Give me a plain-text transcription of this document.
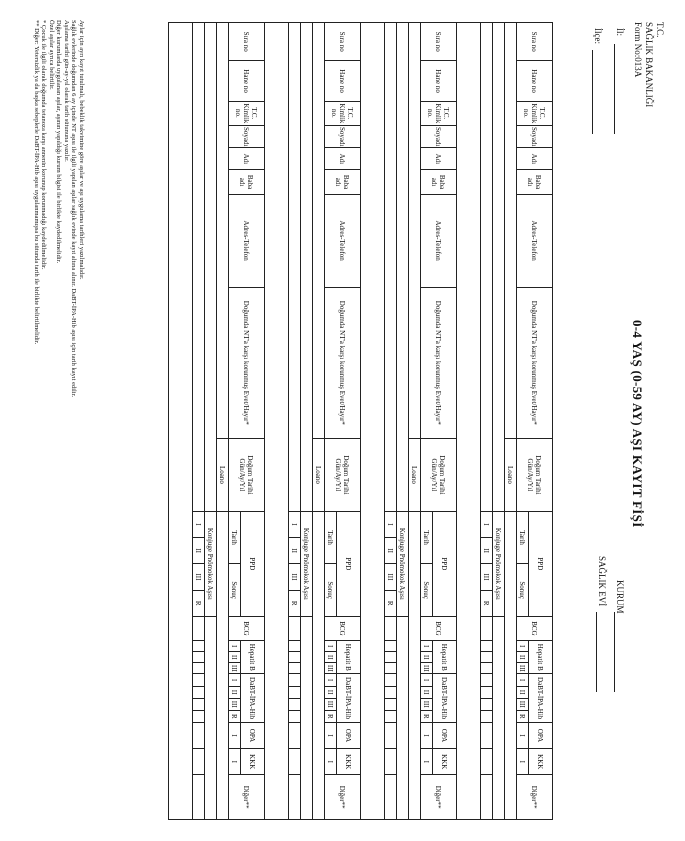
T.C.
SAĞLIK BAKANLIĞI
Form No:013A
İl:
İlçe:
0-4 YAŞ (0-59 AY) AŞI KAYIT FİŞİ
KURUM
SAĞLIK EVİ
Sıra no	Hane no	T.C. Kimlik no.	Soyadı	Adı	Baba adı	Adres-Telefon	Doğumda NT'a karşı korunmuş Evet/Hayır*	Doğum Tarihi Gün/Ay/Yıl	PPD				BCG	Hepatit B			DaBT-İPA-Hib				OPA	KKK	Diğer**
									Tarih		Sonuç			I	II	III	I	II	III	R	I	I	
								Loano															
									Konjuge Pnömokok Aşısı														
									I	II	III	R											

Sıra no	Hane no	T.C. Kimlik no.	Soyadı	Adı	Baba adı	Adres-Telefon	Doğumda NT'a karşı korunmuş Evet/Hayır*	Doğum Tarihi Gün/Ay/Yıl	PPD				BCG	Hepatit B			DaBT-İPA-Hib				OPA	KKK	Diğer**
									Tarih		Sonuç			I	II	III	I	II	III	R	I	I	
								Loano															
									Konjuge Pnömokok Aşısı														
									I	II	III	R											

Sıra no	Hane no	T.C. Kimlik no.	Soyadı	Adı	Baba adı	Adres-Telefon	Doğumda NT'a karşı korunmuş Evet/Hayır*	Doğum Tarihi Gün/Ay/Yıl	PPD				BCG	Hepatit B			DaBT-İPA-Hib				OPA	KKK	Diğer**
									Tarih		Sonuç			I	II	III	I	II	III	R	I	I	
								Loano															
									Konjuge Pnömokok Aşısı														
									I	II	III	R											

Sıra no	Hane no	T.C. Kimlik no.	Soyadı	Adı	Baba adı	Adres-Telefon	Doğumda NT'a karşı korunmuş Evet/Hayır*	Doğum Tarihi Gün/Ay/Yıl	PPD				BCG	Hepatit B			DaBT-İPA-Hib				OPA	KKK	Diğer**
									Tarih		Sonuç			I	II	III	I	II	III	R	I	I	
								Loano															
									Konjuge Pnömokok Aşısı														
									I	II	III	R											

Aylar için ayrı kayıt tutulmalı, bebeklik takvimine göre aşılar ve aşı uygulama tarihleri yazılmalıdır.
Sağlık evlerinde doğumdan 6 ay içinde NT aşısı ile ilgili yapılan aşılar sağlık evinde kayıt altına alınır. DaBT-İPA-Hib aşısı için tarih kayıt edilir.
Aşılama tarihi gün-ay-yıl olarak tarih sütununa yazılır.
Diğer kurumlarda uygulanan aşılar, aşının yapıldığı kurum bilgisi ile birlikte kaydedilmelidir.
Özel aşılar ayrıca belirtilir.
* Çocuk ile ilgili olarak doğumda tetanoza karşı annenin korunup korunmadığı kaydedilmelidir.
** Diğer: Yetersizlik ya da başka sebeplerle DaBT-İPA-Hib aşısı uygulanmamışsa bu sütunda tarih ile birlikte belirtilmelidir.
